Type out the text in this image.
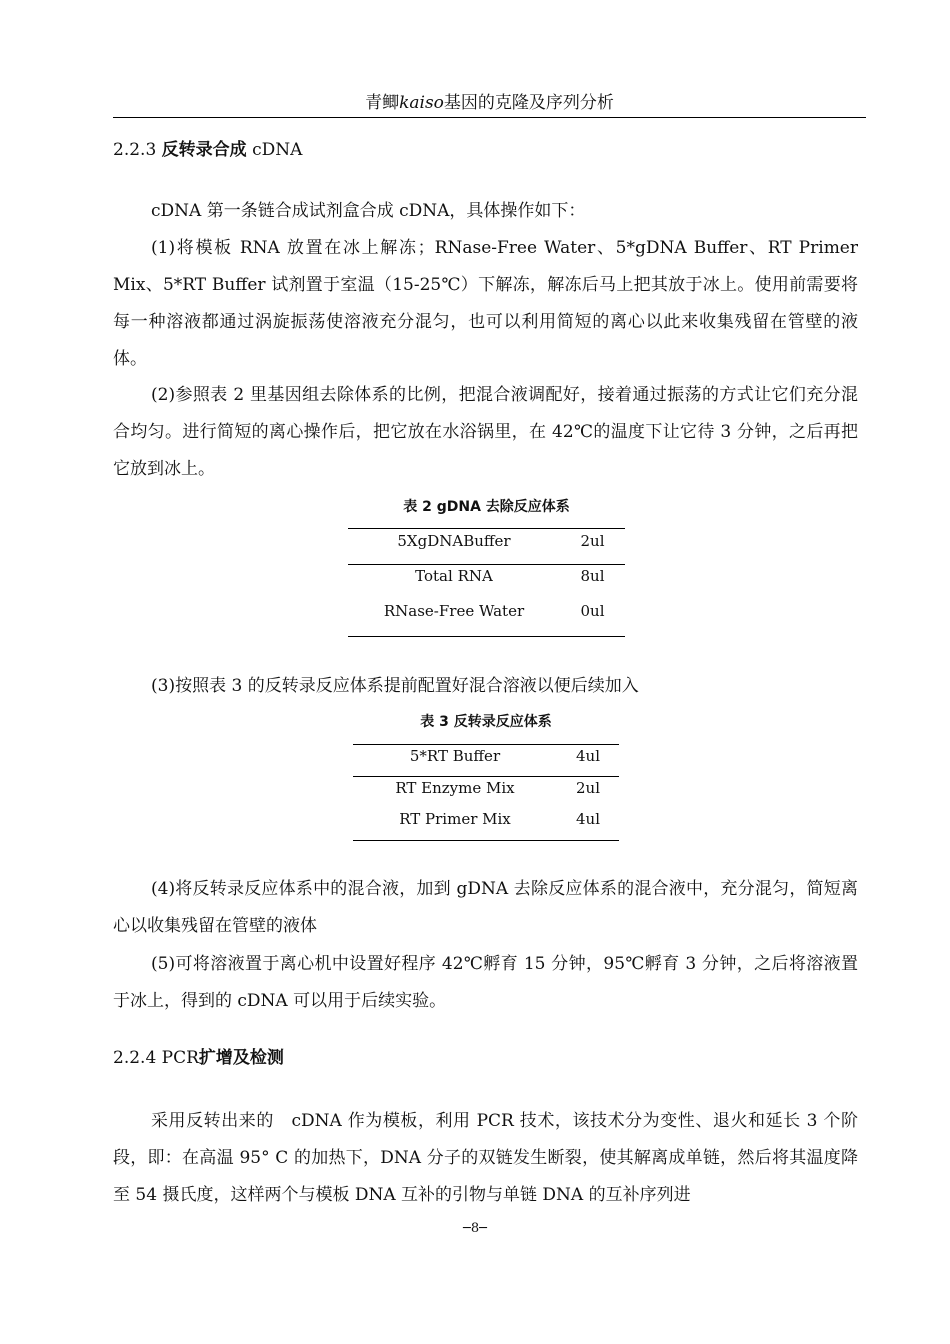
青鲫kaiso基因的克隆及序列分析
2.2.3 反转录合成 cDNA
cDNA 第一条链合成试剂盒合成 cDNA，具体操作如下：
(1)将模板 RNA 放置在冰上解冻；RNase-Free Water、5*gDNA Buffer、RT Primer Mix、5*RT Buffer 试剂置于室温（15-25℃）下解冻，解冻后马上把其放于冰上。使用前需要将每一种溶液都通过涡旋振荡使溶液充分混匀，也可以利用简短的离心以此来收集残留在管壁的液体。
(2)参照表 2 里基因组去除体系的比例，把混合液调配好，接着通过振荡的方式让它们充分混合均匀。进行简短的离心操作后，把它放在水浴锅里，在 42℃的温度下让它待 3 分钟，之后再把它放到冰上。
表 2 gDNA 去除反应体系
5XgDNABuffer	2ul
Total RNA	8ul
RNase-Free Water	0ul
(3)按照表 3 的反转录反应体系提前配置好混合溶液以便后续加入
表 3 反转录反应体系
5*RT Buffer	4ul
RT Enzyme Mix	2ul
RT Primer Mix	4ul
(4)将反转录反应体系中的混合液，加到 gDNA 去除反应体系的混合液中，充分混匀，简短离心以收集残留在管壁的液体
(5)可将溶液置于离心机中设置好程序 42℃孵育 15 分钟，95℃孵育 3 分钟，之后将溶液置于冰上，得到的 cDNA 可以用于后续实验。
2.2.4 PCR扩增及检测
采用反转出来的　cDNA 作为模板，利用 PCR 技术，该技术分为变性、退火和延长 3 个阶段，即：在高温 95° C 的加热下，DNA 分子的双链发生断裂，使其解离成单链，然后将其温度降至 54 摄氏度，这样两个与模板 DNA 互补的引物与单链 DNA 的互补序列进
─8─
